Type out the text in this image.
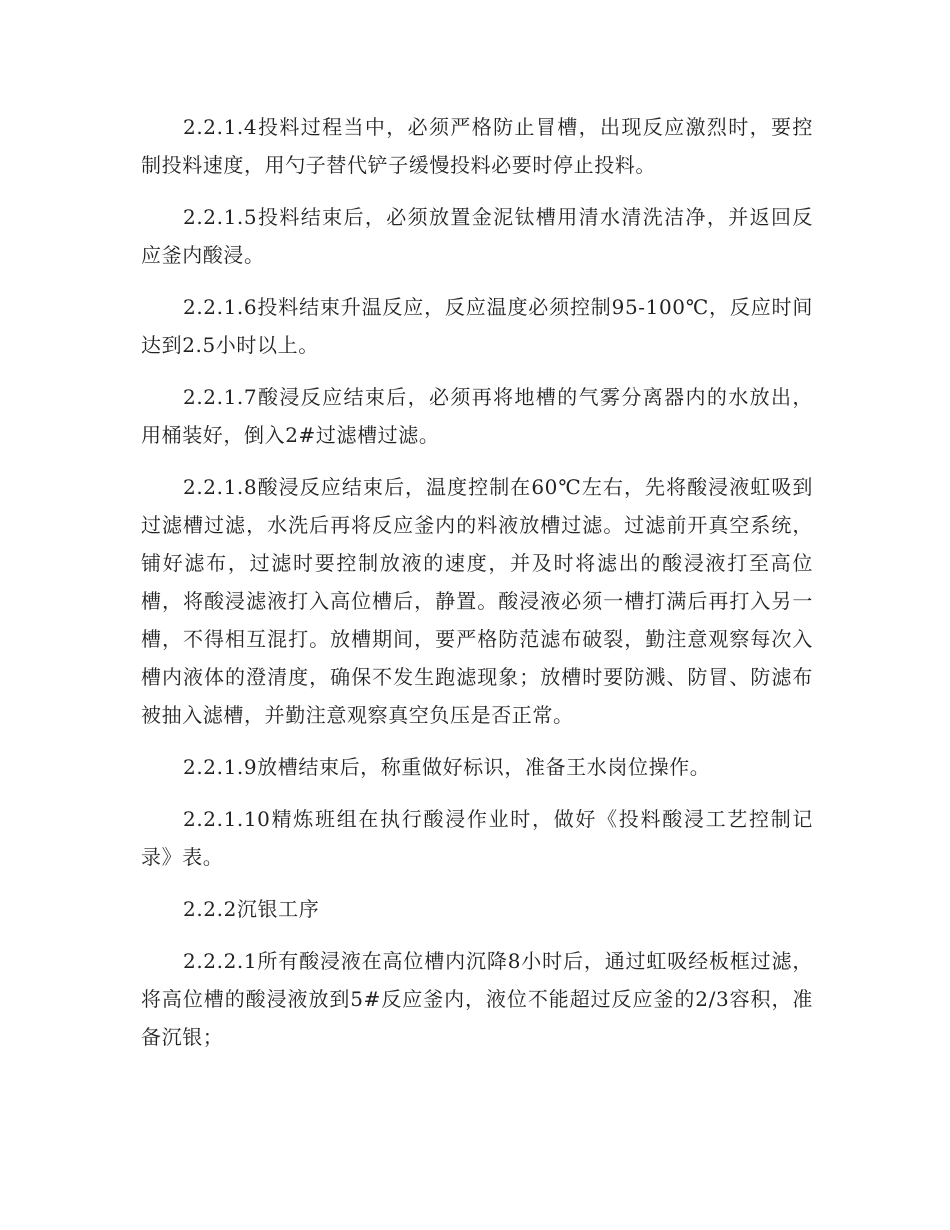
2.2.1.4投料过程当中，必须严格防止冒槽，出现反应激烈时，要控制投料速度，用勺子替代铲子缓慢投料必要时停止投料。

2.2.1.5投料结束后，必须放置金泥钛槽用清水清洗洁净，并返回反应釜内酸浸。

2.2.1.6投料结束升温反应，反应温度必须控制95-100℃，反应时间达到2.5小时以上。

2.2.1.7酸浸反应结束后，必须再将地槽的气雾分离器内的水放出，用桶装好，倒入2#过滤槽过滤。

2.2.1.8酸浸反应结束后，温度控制在60℃左右，先将酸浸液虹吸到过滤槽过滤，水洗后再将反应釜内的料液放槽过滤。过滤前开真空系统，铺好滤布，过滤时要控制放液的速度，并及时将滤出的酸浸液打至高位槽，将酸浸滤液打入高位槽后，静置。酸浸液必须一槽打满后再打入另一槽，不得相互混打。放槽期间，要严格防范滤布破裂，勤注意观察每次入槽内液体的澄清度，确保不发生跑滤现象；放槽时要防溅、防冒、防滤布被抽入滤槽，并勤注意观察真空负压是否正常。

2.2.1.9放槽结束后，称重做好标识，准备王水岗位操作。

2.2.1.10精炼班组在执行酸浸作业时，做好《投料酸浸工艺控制记录》表。

2.2.2沉银工序

2.2.2.1所有酸浸液在高位槽内沉降8小时后，通过虹吸经板框过滤，将高位槽的酸浸液放到5#反应釜内，液位不能超过反应釜的2/3容积，准备沉银；
